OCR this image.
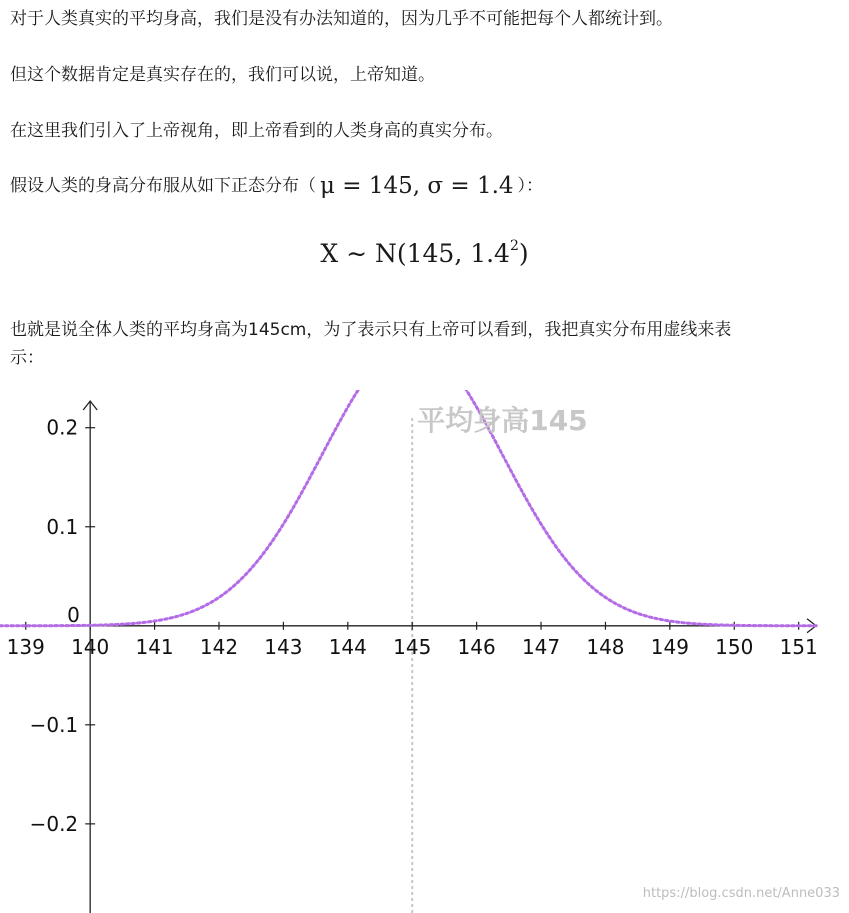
对于人类真实的平均身高，我们是没有办法知道的，因为几乎不可能把每个人都统计到。
但这个数据肯定是真实存在的，我们可以说，上帝知道。
在这里我们引入了上帝视角，即上帝看到的人类身高的真实分布。
假设人类的身高分布服从如下正态分布（ μ = 145, σ = 1.4 ）：
X ∼ N(145, $1.4^2$)
也就是说全体人类的平均身高为145cm，为了表示只有上帝可以看到，我把真实分布用虚线来表
示：
139 140 141 142 143 144 145 146 147 148 149 150 151
0.2
0.1
0
−0.1
−0.2
平均身高145
https://blog.csdn.net/Anne033
